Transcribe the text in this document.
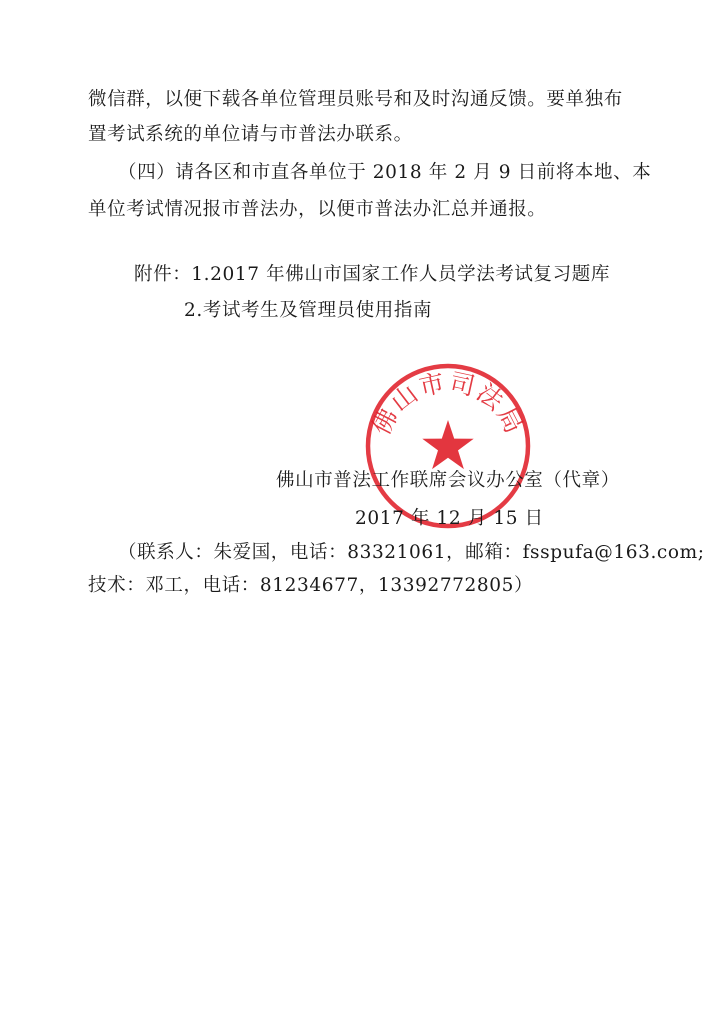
微信群，以便下载各单位管理员账号和及时沟通反馈。要单独布
置考试系统的单位请与市普法办联系。
（四）请各区和市直各单位于 2018 年 2 月 9 日前将本地、本
单位考试情况报市普法办，以便市普法办汇总并通报。
附件：1.2017 年佛山市国家工作人员学法考试复习题库
2.考试考生及管理员使用指南
佛山市司法局
佛山市普法工作联席会议办公室（代章）
2017 年 12 月 15 日
（联系人：朱爱国，电话：83321061，邮箱：fsspufa@163.com;
技术：邓工，电话：81234677，13392772805）
